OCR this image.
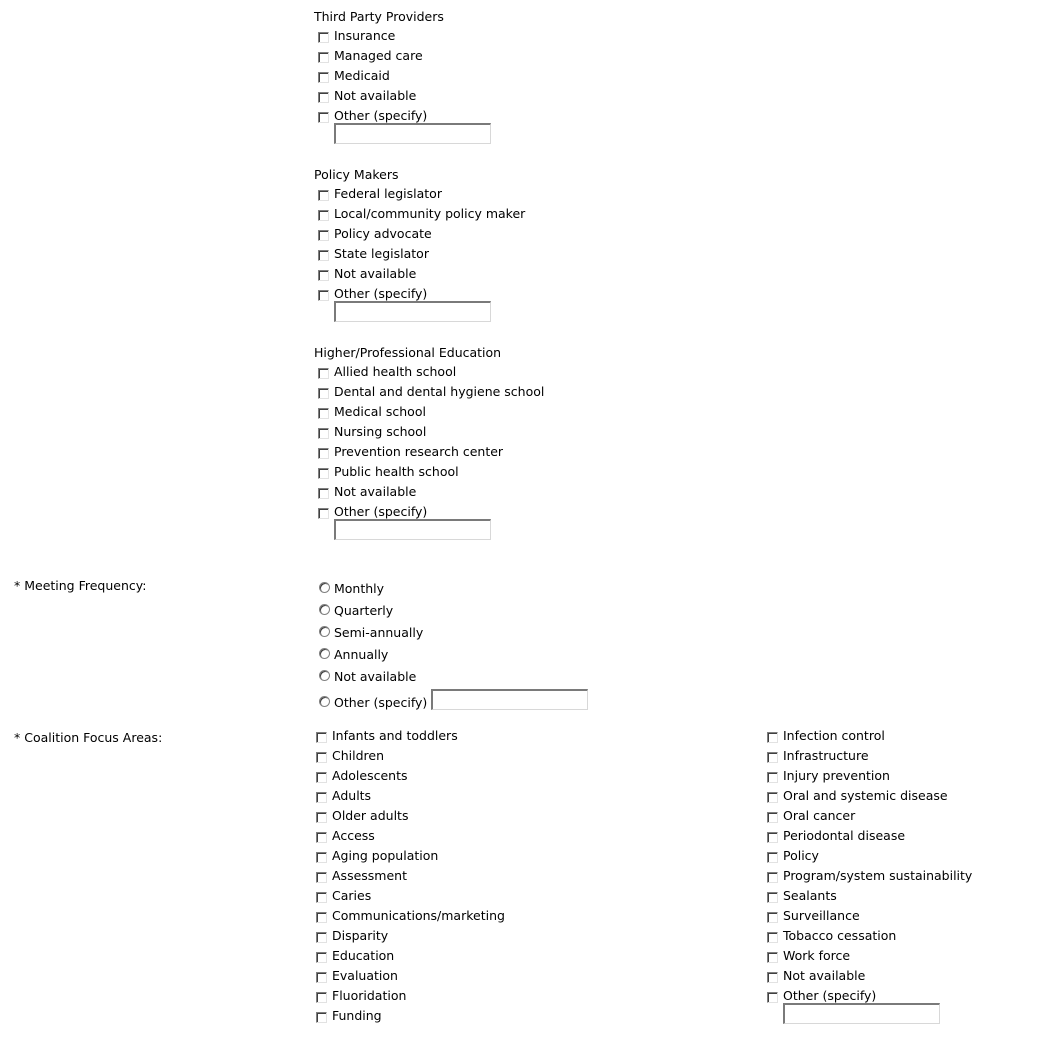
Third Party Providers
Insurance
Managed care
Medicaid
Not available
Other (specify)
Policy Makers
Federal legislator
Local/community policy maker
Policy advocate
State legislator
Not available
Other (specify)
Higher/Professional Education
Allied health school
Dental and dental hygiene school
Medical school
Nursing school
Prevention research center
Public health school
Not available
Other (specify)
* Meeting Frequency:	Monthly
Quarterly
Semi-annually
Annually
Not available
Other (specify)
* Coalition Focus Areas:	Infants and toddlers
Children
Adolescents
Adults
Older adults
Access
Aging population
Assessment
Caries
Communications/marketing
Disparity
Education
Evaluation
Fluoridation
Funding
Infection control
Infrastructure
Injury prevention
Oral and systemic disease
Oral cancer
Periodontal disease
Policy
Program/system sustainability
Sealants
Surveillance
Tobacco cessation
Work force
Not available
Other (specify)
